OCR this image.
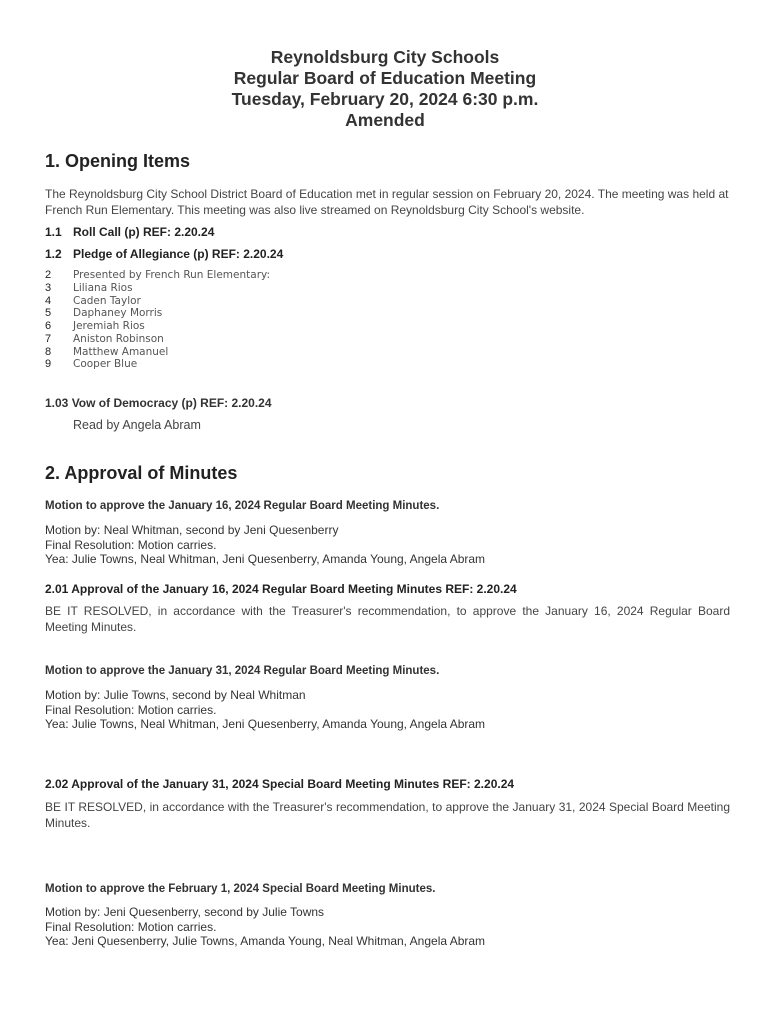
Reynoldsburg City Schools
Regular Board of Education Meeting
Tuesday, February 20, 2024 6:30 p.m.
Amended
1. Opening Items
The Reynoldsburg City School District Board of Education met in regular session on February 20, 2024. The meeting was held at French Run Elementary. This meeting was also live streamed on Reynoldsburg City School's website.
1.1 Roll Call (p) REF: 2.20.24
1.2 Pledge of Allegiance (p) REF: 2.20.24
2 Presented by French Run Elementary:
3 Liliana Rios
4 Caden Taylor
5 Daphaney Morris
6 Jeremiah Rios
7 Aniston Robinson
8 Matthew Amanuel
9 Cooper Blue
1.03 Vow of Democracy (p) REF: 2.20.24
Read by Angela Abram
2. Approval of Minutes
Motion to approve the January 16, 2024 Regular Board Meeting Minutes.
Motion by: Neal Whitman, second by Jeni Quesenberry
Final Resolution: Motion carries.
Yea: Julie Towns, Neal Whitman, Jeni Quesenberry, Amanda Young, Angela Abram
2.01 Approval of the January 16, 2024 Regular Board Meeting Minutes REF: 2.20.24
BE IT RESOLVED, in accordance with the Treasurer's recommendation, to approve the January 16, 2024 Regular Board Meeting Minutes.
Motion to approve the January 31, 2024 Regular Board Meeting Minutes.
Motion by: Julie Towns, second by Neal Whitman
Final Resolution: Motion carries.
Yea: Julie Towns, Neal Whitman, Jeni Quesenberry, Amanda Young, Angela Abram
2.02 Approval of the January 31, 2024 Special Board Meeting Minutes REF: 2.20.24
BE IT RESOLVED, in accordance with the Treasurer's recommendation, to approve the January 31, 2024 Special Board Meeting Minutes.
Motion to approve the February 1, 2024 Special Board Meeting Minutes.
Motion by: Jeni Quesenberry, second by Julie Towns
Final Resolution: Motion carries.
Yea: Jeni Quesenberry, Julie Towns, Amanda Young, Neal Whitman, Angela Abram
